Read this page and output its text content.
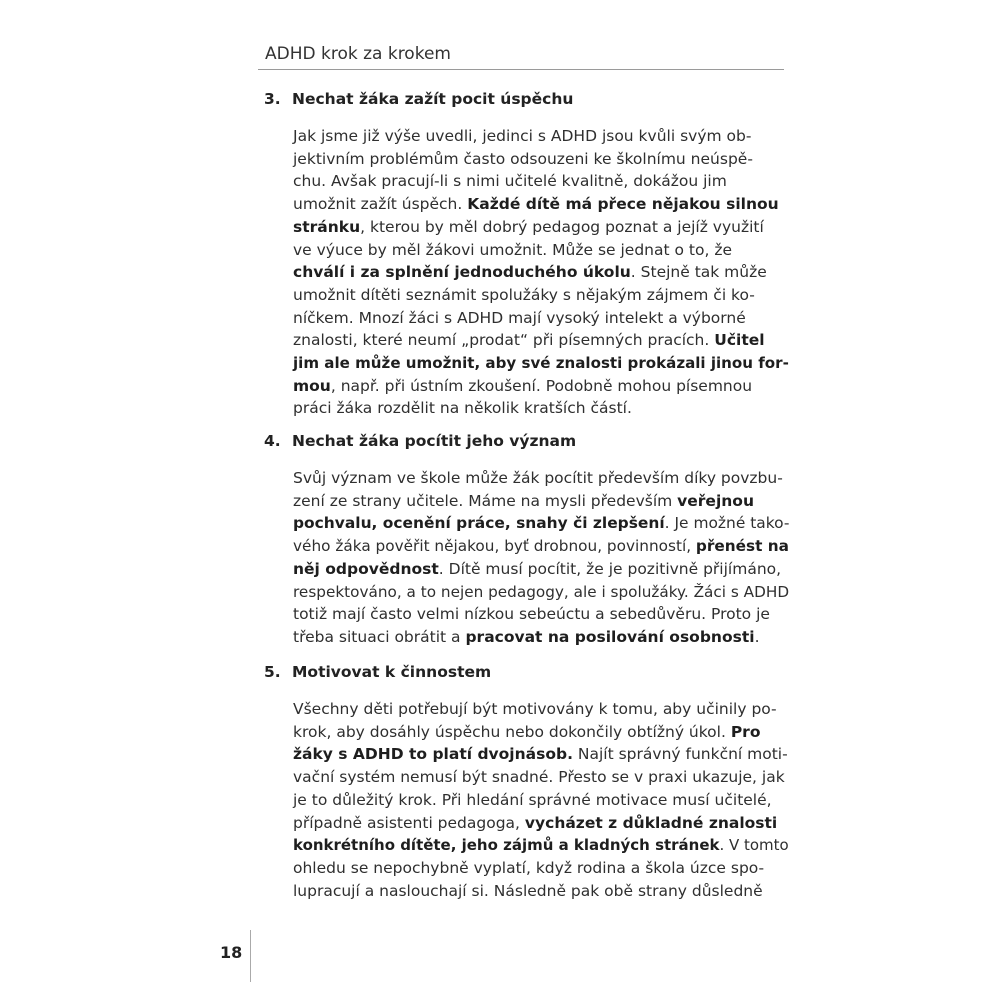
ADHD krok za krokem
3. Nechat žáka zažít pocit úspěchu
Jak jsme již výše uvedli, jedinci s ADHD jsou kvůli svým ob-
jektivním problémům často odsouzeni ke školnímu neúspě-
chu. Avšak pracují-li s nimi učitelé kvalitně, dokážou jim
umožnit zažít úspěch. Každé dítě má přece nějakou silnou
stránku, kterou by měl dobrý pedagog poznat a jejíž využití
ve výuce by měl žákovi umožnit. Může se jednat o to, že
chválí i za splnění jednoduchého úkolu. Stejně tak může
umožnit dítěti seznámit spolužáky s nějakým zájmem či ko-
níčkem. Mnozí žáci s ADHD mají vysoký intelekt a výborné
znalosti, které neumí „prodat“ při písemných pracích. Učitel
jim ale může umožnit, aby své znalosti prokázali jinou for-
mou, např. při ústním zkoušení. Podobně mohou písemnou
práci žáka rozdělit na několik kratších částí.
4. Nechat žáka pocítit jeho význam
Svůj význam ve škole může žák pocítit především díky povzbu-
zení ze strany učitele. Máme na mysli především veřejnou
pochvalu, ocenění práce, snahy či zlepšení. Je možné tako-
vého žáka pověřit nějakou, byť drobnou, povinností, přenést na
něj odpovědnost. Dítě musí pocítit, že je pozitivně přijímáno,
respektováno, a to nejen pedagogy, ale i spolužáky. Žáci s ADHD
totiž mají často velmi nízkou sebeúctu a sebedůvěru. Proto je
třeba situaci obrátit a pracovat na posilování osobnosti.
5. Motivovat k činnostem
Všechny děti potřebují být motivovány k tomu, aby učinily po-
krok, aby dosáhly úspěchu nebo dokončily obtížný úkol. Pro
žáky s ADHD to platí dvojnásob. Najít správný funkční moti-
vační systém nemusí být snadné. Přesto se v praxi ukazuje, jak
je to důležitý krok. Při hledání správné motivace musí učitelé,
případně asistenti pedagoga, vycházet z důkladné znalosti
konkrétního dítěte, jeho zájmů a kladných stránek. V tomto
ohledu se nepochybně vyplatí, když rodina a škola úzce spo-
lupracují a naslouchají si. Následně pak obě strany důsledně
18
